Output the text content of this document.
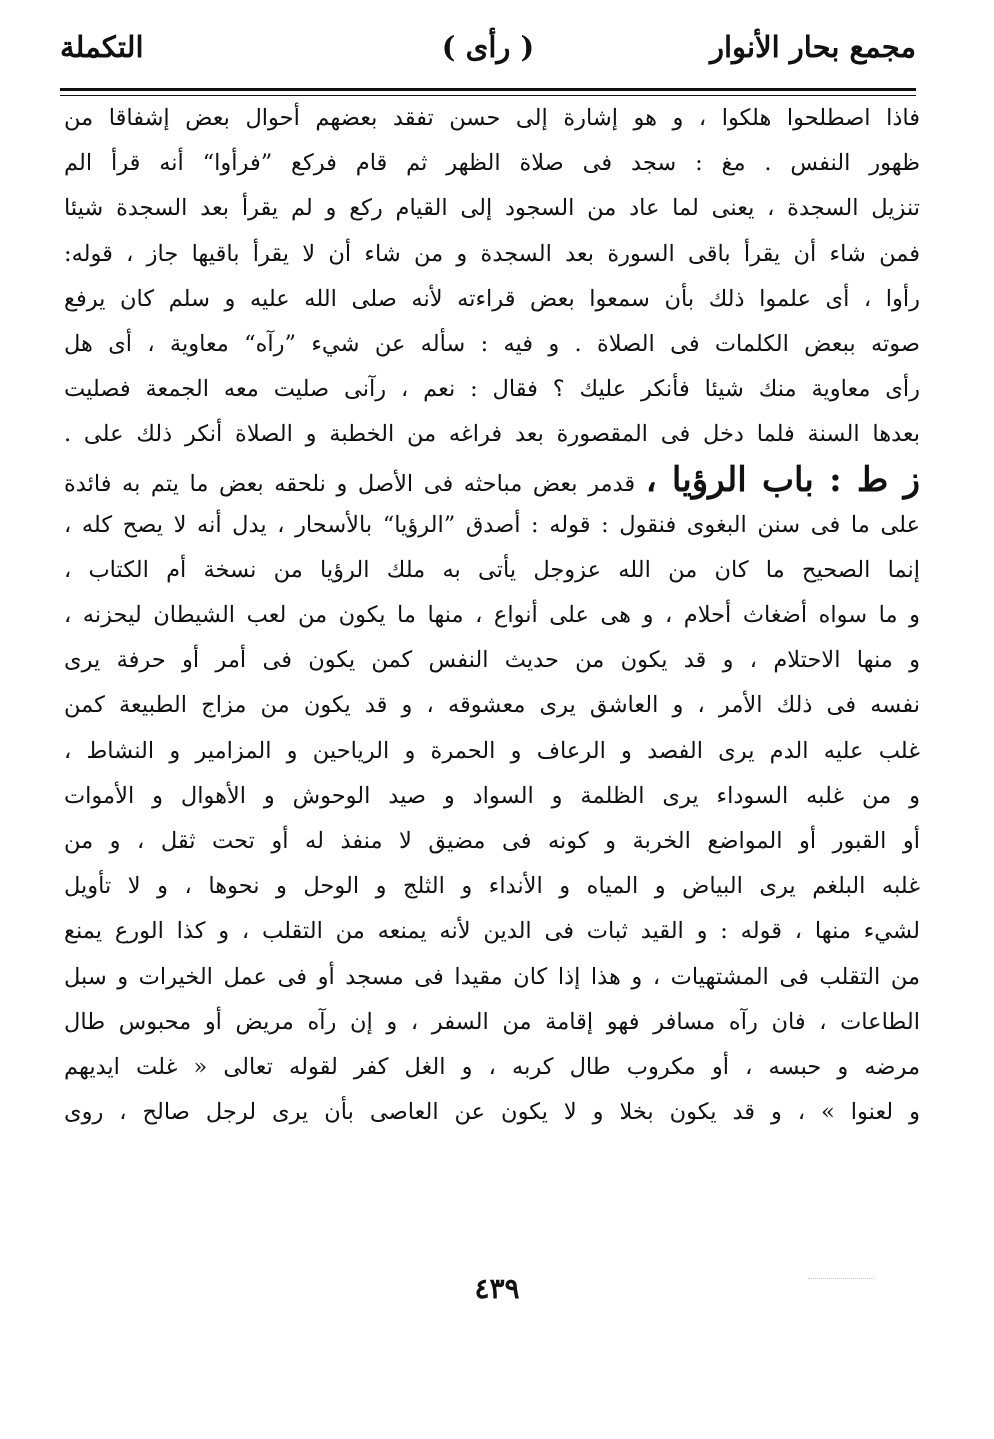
مجمع بحار الأنوار
( رأى )
التكملة
فاذا اصطلحوا هلكوا ، و هو إشارة إلى حسن تفقد بعضهم أحوال بعض إشفاقا من
ظهور النفس . مغ : سجد فى صلاة الظهر ثم قام فركع ”فرأوا“ أنه قرأ الم
تنزيل السجدة ، يعنى لما عاد من السجود إلى القيام ركع و لم يقرأ بعد السجدة شيئا
فمن شاء أن يقرأ باقى السورة بعد السجدة و من شاء أن لا يقرأ باقيها جاز ، قوله:
رأوا ، أى علموا ذلك بأن سمعوا بعض قراءته لأنه صلى الله عليه و سلم كان يرفع
صوته ببعض الكلمات فى الصلاة . و فيه : سأله عن شيء ”رآه“ معاوية ، أى هل
رأى معاوية منك شيئا فأنكر عليك ؟ فقال : نعم ، رآنى صليت معه الجمعة فصليت
بعدها السنة فلما دخل فى المقصورة بعد فراغه من الخطبة و الصلاة أنكر ذلك على .
ز ط : باب الرؤيا ، قدمر بعض مباحثه فى الأصل و نلحقه بعض ما يتم به فائدة
على ما فى سنن البغوى فنقول : قوله : أصدق ”الرؤيا“ بالأسحار ، يدل أنه لا يصح كله ،
إنما الصحيح ما كان من الله عزوجل يأتى به ملك الرؤيا من نسخة أم الكتاب ،
و ما سواه أضغاث أحلام ، و هى على أنواع ، منها ما يكون من لعب الشيطان ليحزنه ،
و منها الاحتلام ، و قد يكون من حديث النفس كمن يكون فى أمر أو حرفة يرى
نفسه فى ذلك الأمر ، و العاشق يرى معشوقه ، و قد يكون من مزاج الطبيعة كمن
غلب عليه الدم يرى الفصد و الرعاف و الحمرة و الرياحين و المزامير و النشاط ،
و من غلبه السوداء يرى الظلمة و السواد و صيد الوحوش و الأهوال و الأموات
أو القبور أو المواضع الخربة و كونه فى مضيق لا منفذ له أو تحت ثقل ، و من
غلبه البلغم يرى البياض و المياه و الأنداء و الثلج و الوحل و نحوها ، و لا تأويل
لشيء منها ، قوله : و القيد ثبات فى الدين لأنه يمنعه من التقلب ، و كذا الورع يمنع
من التقلب فى المشتهيات ، و هذا إذا كان مقيدا فى مسجد أو فى عمل الخيرات و سبل
الطاعات ، فان رآه مسافر فهو إقامة من السفر ، و إن رآه مريض أو محبوس طال
مرضه و حبسه ، أو مكروب طال كربه ، و الغل كفر لقوله تعالى « غلت ايديهم
و لعنوا » ، و قد يكون بخلا و لا يكون عن العاصى بأن يرى لرجل صالح ، روى
٤٣٩
